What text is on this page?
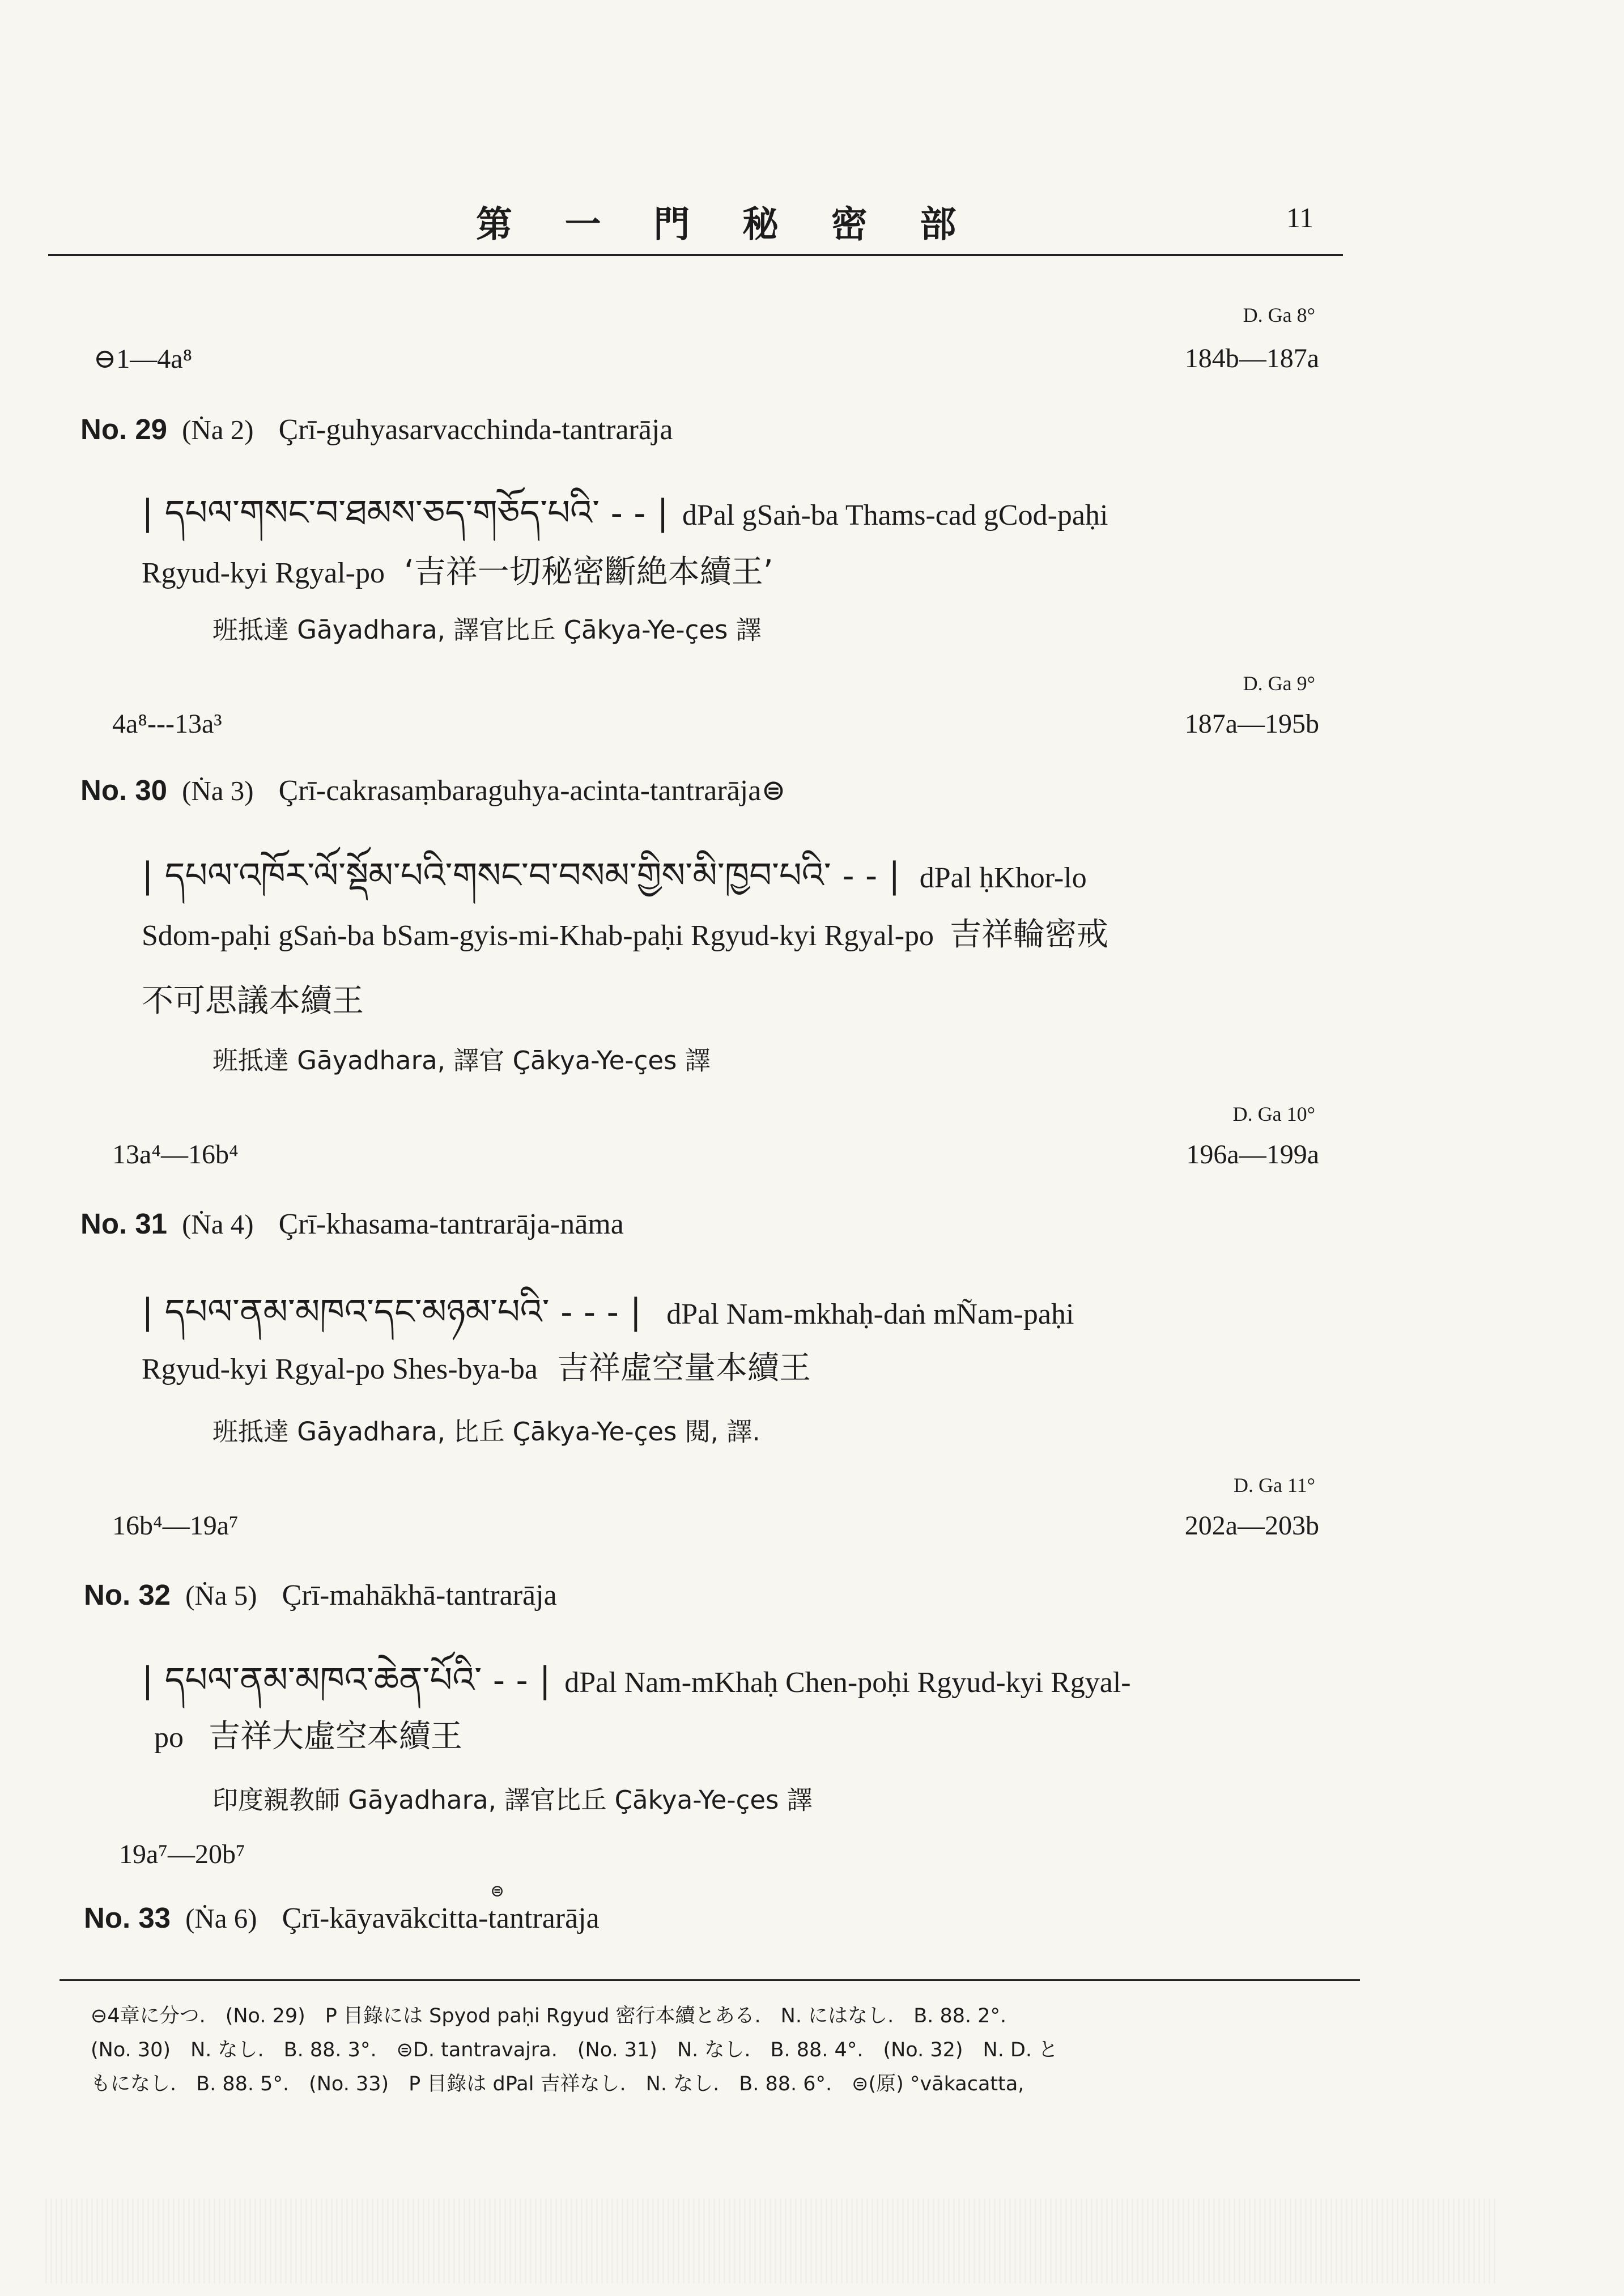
第 一 門 秘 密 部	11
D. Ga 8°
⊖1—4a⁸	184b—187a
No. 29 (Ṅa 2) Çrī-guhyasarvacchinda-tantrarāja
| དཔལ་གསང་བ་ཐམས་ཅད་གཅོད་པའི་ - - | dPal gSaṅ-ba Thams-cad gCod-paḥi
Rgyud-kyi Rgyal-po ‘吉祥一切秘密斷絶本續王’
班抵達 Gāyadhara, 譯官比丘 Çākya-Ye-çes 譯
D. Ga 9°
4a⁸---13a³	187a—195b
No. 30 (Ṅa 3) Çrī-cakrasaṃbaraguhya-acinta-tantrarāja⊜
| དཔལ་འཁོར་ལོ་སྡོམ་པའི་གསང་བ་བསམ་གྱིས་མི་ཁྱབ་པའི་ - - | dPal ḥKhor-lo
Sdom-paḥi gSaṅ-ba bSam-gyis-mi-Khab-paḥi Rgyud-kyi Rgyal-po 吉祥輪密戒
不可思議本續王
班抵達 Gāyadhara, 譯官 Çākya-Ye-çes 譯
D. Ga 10°
13a⁴—16b⁴	196a—199a
No. 31 (Ṅa 4) Çrī-khasama-tantrarāja-nāma
| དཔལ་ནམ་མཁའ་དང་མཉམ་པའི་ - - - | dPal Nam-mkhaḥ-daṅ mÑam-paḥi
Rgyud-kyi Rgyal-po Shes-bya-ba 吉祥虛空量本續王
班抵達 Gāyadhara, 比丘 Çākya-Ye-çes 閱, 譯.
D. Ga 11°
16b⁴—19a⁷	202a—203b
No. 32 (Ṅa 5) Çrī-mahākhā-tantrarāja
| དཔལ་ནམ་མཁའ་ཆེན་པོའི་ - - | dPal Nam-mKhaḥ Chen-poḥi Rgyud-kyi Rgyal-
po 吉祥大虛空本續王
印度親教師 Gāyadhara, 譯官比丘 Çākya-Ye-çes 譯
19a⁷—20b⁷
No. 33 (Ṅa 6) Çrī-kāyavākcitta-tantrarāja
⊜
⊖4章に分つ.　(No. 29)　P 目錄には Spyod paḥi Rgyud 密行本續とある.　N. にはなし.　B. 88. 2°.
(No. 30)　N. なし.　B. 88. 3°.　⊜D. tantravajra.　(No. 31)　N. なし.　B. 88. 4°.　(No. 32)　N. D. と
もになし.　B. 88. 5°.　(No. 33)　P 目錄は dPal 吉祥なし.　N. なし.　B. 88. 6°.　⊜(原) °vākacatta,
